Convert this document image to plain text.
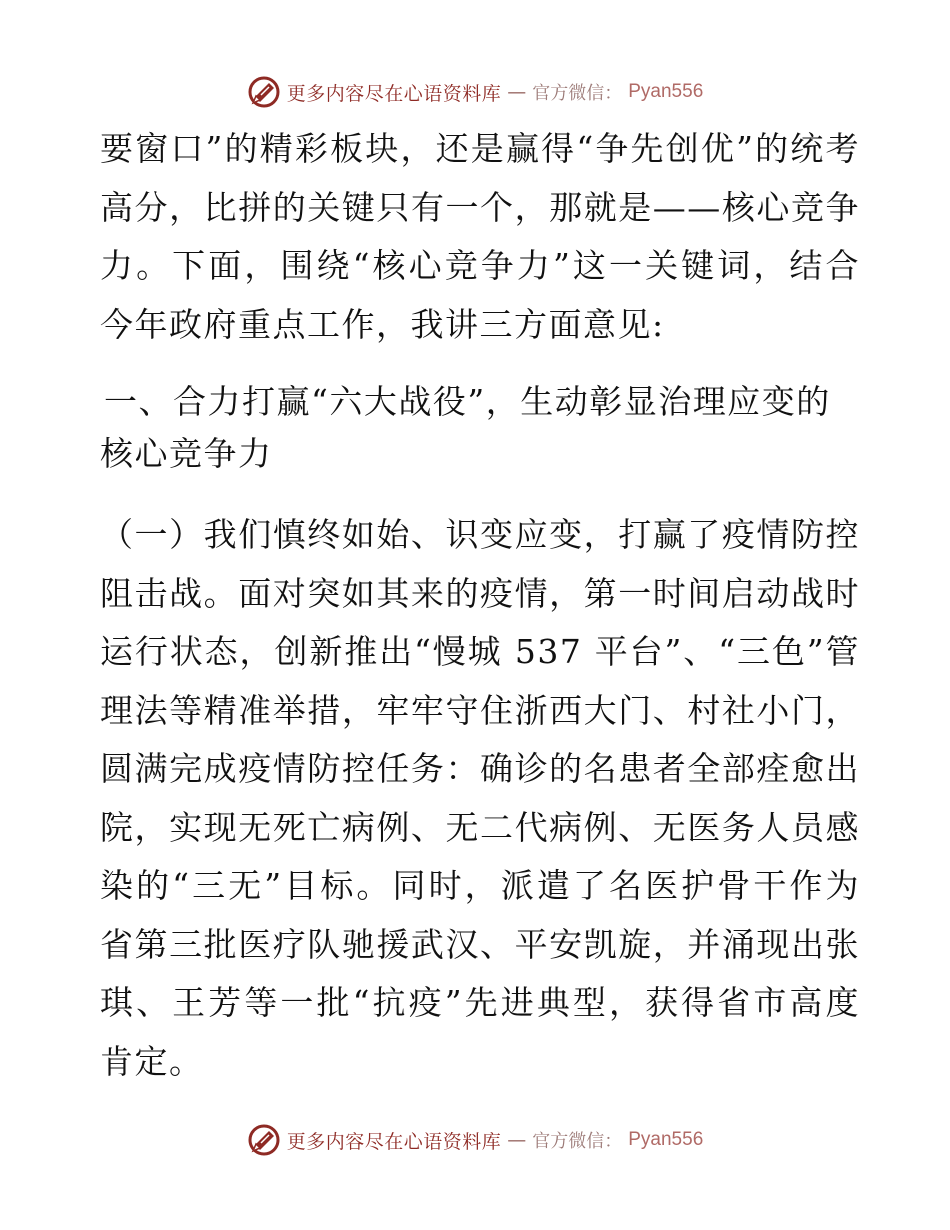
更多内容尽在心语资料库 — 官方微信： Pyan556

要窗口”的精彩板块，还是赢得“争先创优”的统考高分，比拼的关键只有一个，那就是——核心竞争力。下面，围绕“核心竞争力”这一关键词，结合今年政府重点工作，我讲三方面意见:

一、合力打赢“六大战役”，生动彰显治理应变的核心竞争力

（一）我们慎终如始、识变应变，打赢了疫情防控阻击战。面对突如其来的疫情，第一时间启动战时运行状态，创新推出“慢城 537 平台”、“三色”管理法等精准举措，牢牢守住浙西大门、村社小门，圆满完成疫情防控任务：确诊的名患者全部痊愈出院，实现无死亡病例、无二代病例、无医务人员感染的“三无”目标。同时，派遣了名医护骨干作为省第三批医疗队驰援武汉、平安凯旋，并涌现出张琪、王芳等一批“抗疫”先进典型，获得省市高度肯定。

更多内容尽在心语资料库 — 官方微信： Pyan556
